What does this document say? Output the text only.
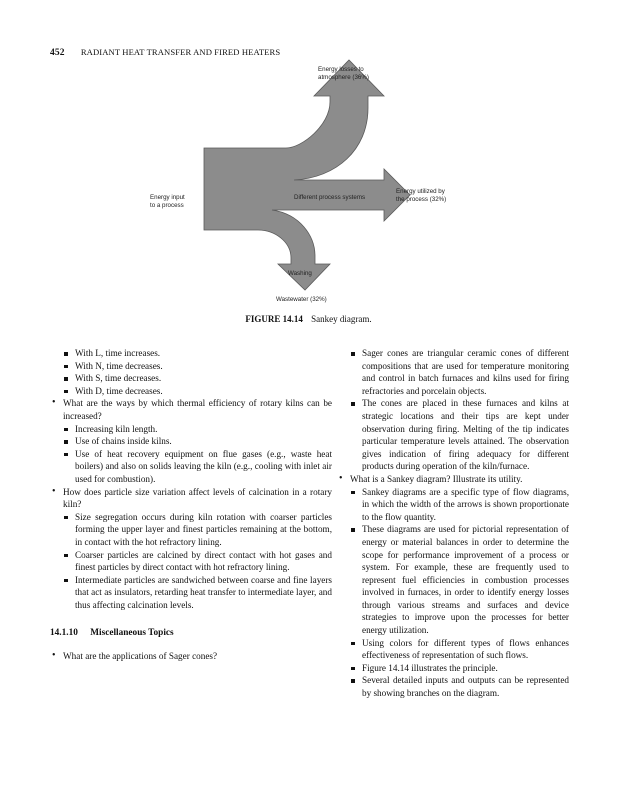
452 RADIANT HEAT TRANSFER AND FIRED HEATERS
Energy losses to
atmosphere (36%)
Energy input
to a process
Different process systems
Energy utilized by
the process (32%)
Washing
Wastewater (32%)
FIGURE 14.14 Sankey diagram.
With L, time increases.
With N, time decreases.
With S, time decreases.
With D, time decreases.
• What are the ways by which thermal efficiency of rotary kilns can be increased?
Increasing kiln length.
Use of chains inside kilns.
Use of heat recovery equipment on flue gases (e.g., waste heat boilers) and also on solids leaving the kiln (e.g., cooling with inlet air used for combustion).
• How does particle size variation affect levels of calcination in a rotary kiln?
Size segregation occurs during kiln rotation with coarser particles forming the upper layer and finest particles remaining at the bottom, in contact with the hot refractory lining.
Coarser particles are calcined by direct contact with hot gases and finest particles by direct contact with hot refractory lining.
Intermediate particles are sandwiched between coarse and fine layers that act as insulators, retarding heat transfer to intermediate layer, and thus affecting calcination levels.
14.1.10 Miscellaneous Topics
• What are the applications of Sager cones?
Sager cones are triangular ceramic cones of different compositions that are used for temperature monitoring and control in batch furnaces and kilns used for firing refractories and porcelain objects.
The cones are placed in these furnaces and kilns at strategic locations and their tips are kept under observation during firing. Melting of the tip indicates particular temperature levels attained. The observation gives indication of firing adequacy for different products during operation of the kiln/furnace.
• What is a Sankey diagram? Illustrate its utility.
Sankey diagrams are a specific type of flow diagrams, in which the width of the arrows is shown proportionate to the flow quantity.
These diagrams are used for pictorial representation of energy or material balances in order to determine the scope for performance improvement of a process or system. For example, these are frequently used to represent fuel efficiencies in combustion processes involved in furnaces, in order to identify energy losses through various streams and surfaces and device strategies to improve upon the processes for better energy utilization.
Using colors for different types of flows enhances effectiveness of representation of such flows.
Figure 14.14 illustrates the principle.
Several detailed inputs and outputs can be represented by showing branches on the diagram.
